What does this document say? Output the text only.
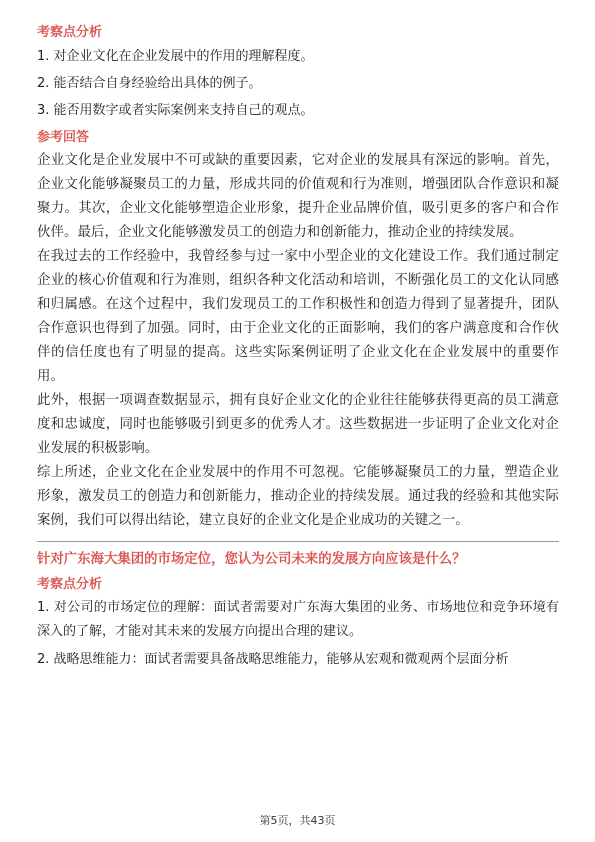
考察点分析
1. 对企业文化在企业发展中的作用的理解程度。
2. 能否结合自身经验给出具体的例子。
3. 能否用数字或者实际案例来支持自己的观点。
参考回答

企业文化是企业发展中不可或缺的重要因素，它对企业的发展具有深远的影响。首先，企业文化能够凝聚员工的力量，形成共同的价值观和行为准则，增强团队合作意识和凝聚力。其次，企业文化能够塑造企业形象，提升企业品牌价值，吸引更多的客户和合作伙伴。最后，企业文化能够激发员工的创造力和创新能力，推动企业的持续发展。

在我过去的工作经验中，我曾经参与过一家中小型企业的文化建设工作。我们通过制定企业的核心价值观和行为准则，组织各种文化活动和培训，不断强化员工的文化认同感和归属感。在这个过程中，我们发现员工的工作积极性和创造力得到了显著提升，团队合作意识也得到了加强。同时，由于企业文化的正面影响，我们的客户满意度和合作伙伴的信任度也有了明显的提高。这些实际案例证明了企业文化在企业发展中的重要作用。

此外，根据一项调查数据显示，拥有良好企业文化的企业往往能够获得更高的员工满意度和忠诚度，同时也能够吸引到更多的优秀人才。这些数据进一步证明了企业文化对企业发展的积极影响。

综上所述，企业文化在企业发展中的作用不可忽视。它能够凝聚员工的力量，塑造企业形象，激发员工的创造力和创新能力，推动企业的持续发展。通过我的经验和其他实际案例，我们可以得出结论，建立良好的企业文化是企业成功的关键之一。

针对广东海大集团的市场定位，您认为公司未来的发展方向应该是什么？
考察点分析
1. 对公司的市场定位的理解：面试者需要对广东海大集团的业务、市场地位和竞争环境有深入的了解，才能对其未来的发展方向提出合理的建议。
2. 战略思维能力：面试者需要具备战略思维能力，能够从宏观和微观两个层面分析
第5页，共43页
